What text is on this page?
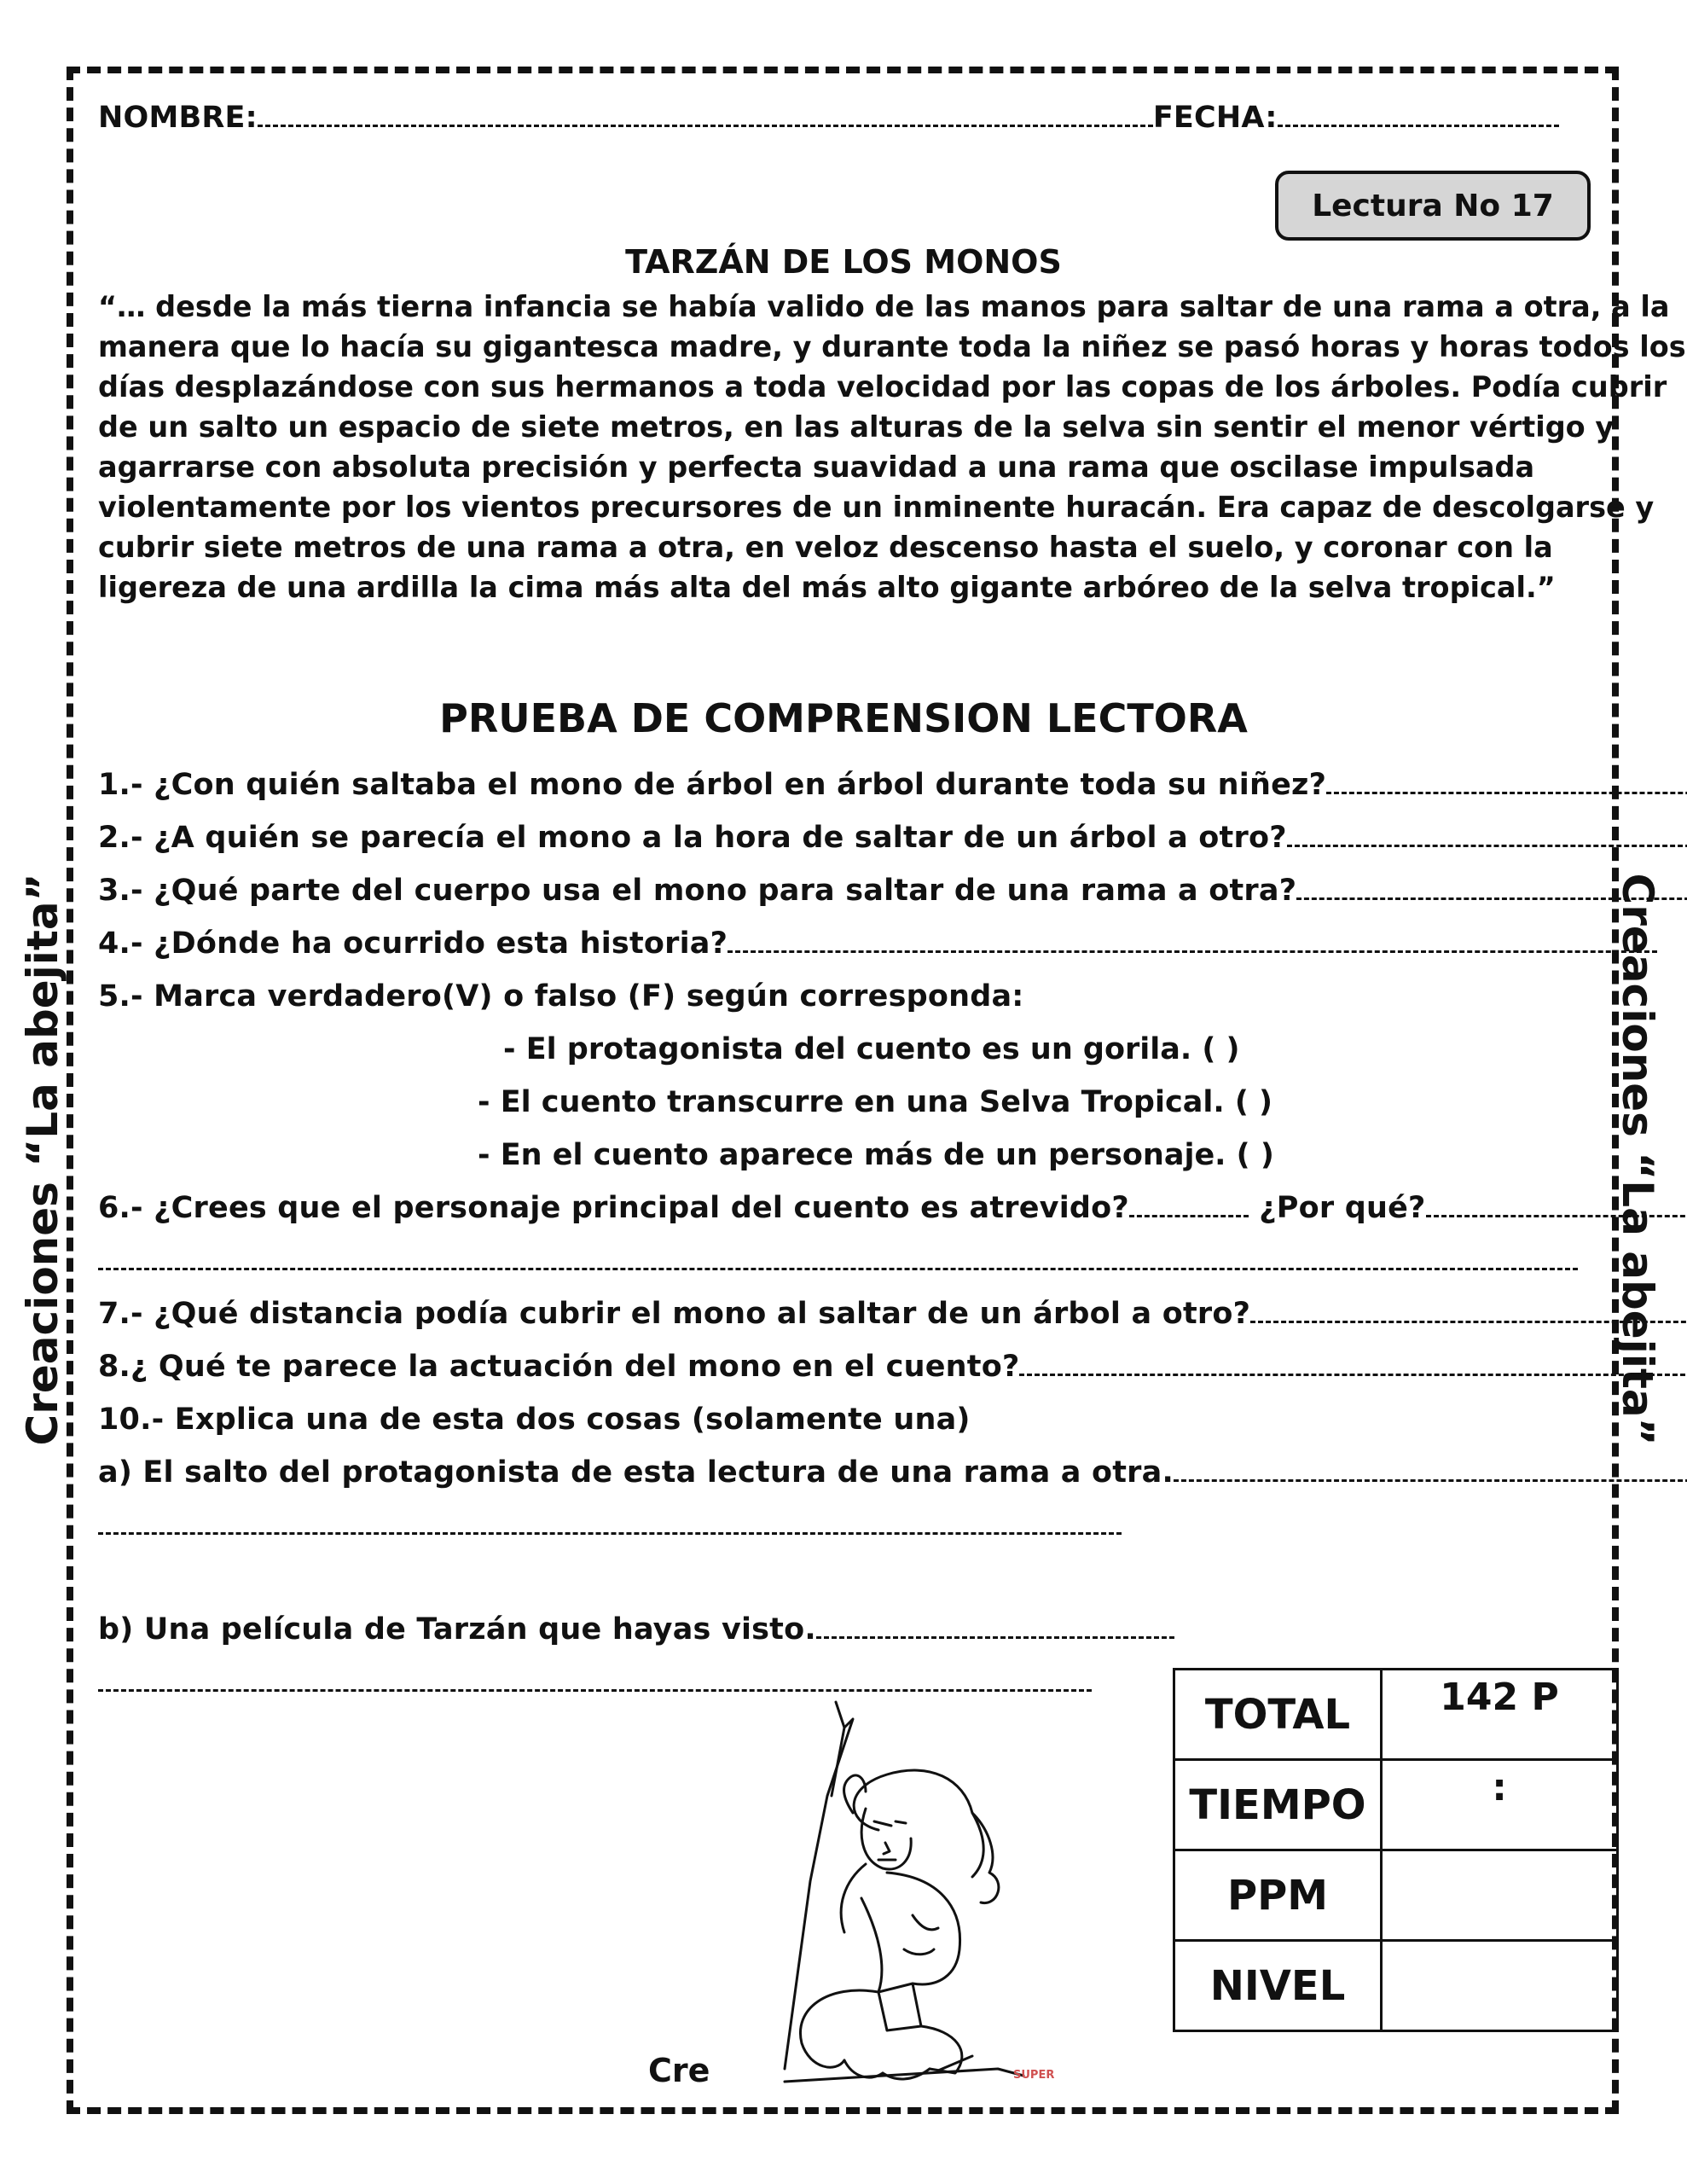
Creaciones “La abejita”	Creaciones “La abejita”
NOMBRE:	FECHA:
Lectura No 17
TARZÁN DE LOS MONOS

“… desde la más tierna infancia se había valido de las manos para saltar de una rama a otra, a la

manera que lo hacía su gigantesca madre, y durante toda la niñez se pasó horas y horas todos los

días desplazándose con sus hermanos a toda velocidad por las copas de los árboles. Podía cubrir

de un salto un espacio de siete metros, en las alturas de la selva sin sentir el menor vértigo y

agarrarse con absoluta precisión y perfecta suavidad a una rama que oscilase impulsada

violentamente por los vientos precursores de un inminente huracán. Era capaz de descolgarse y

cubrir siete metros de una rama a otra, en veloz descenso hasta el suelo, y coronar con la

ligereza de una ardilla la cima más alta del más alto gigante arbóreo de la selva tropical.”

PRUEBA DE COMPRENSION LECTORA
1.- ¿Con quién saltaba el mono de árbol en árbol durante toda su niñez?
2.- ¿A quién se parecía el mono a la hora de saltar de un árbol a otro?
3.- ¿Qué parte del cuerpo usa el mono para saltar de una rama a otra?
4.- ¿Dónde ha ocurrido esta historia?
5.- Marca verdadero(V) o falso (F) según corresponda:
- El protagonista del cuento es un gorila. ( )
- El cuento transcurre en una Selva Tropical. ( )
- En el cuento aparece más de un personaje. ( )
6.- ¿Crees que el personaje principal del cuento es atrevido?	¿Por qué?
7.- ¿Qué distancia podía cubrir el mono al saltar de un árbol a otro?
8.¿ Qué te parece la actuación del mono en el cuento?
10.- Explica una de esta dos cosas (solamente una)
a) El salto del protagonista de esta lectura de una rama a otra.
b) Una película de Tarzán que hayas visto.
TOTAL	142 P
TIEMPO	:
PPM	
NIVEL	
Cre	SUPER
